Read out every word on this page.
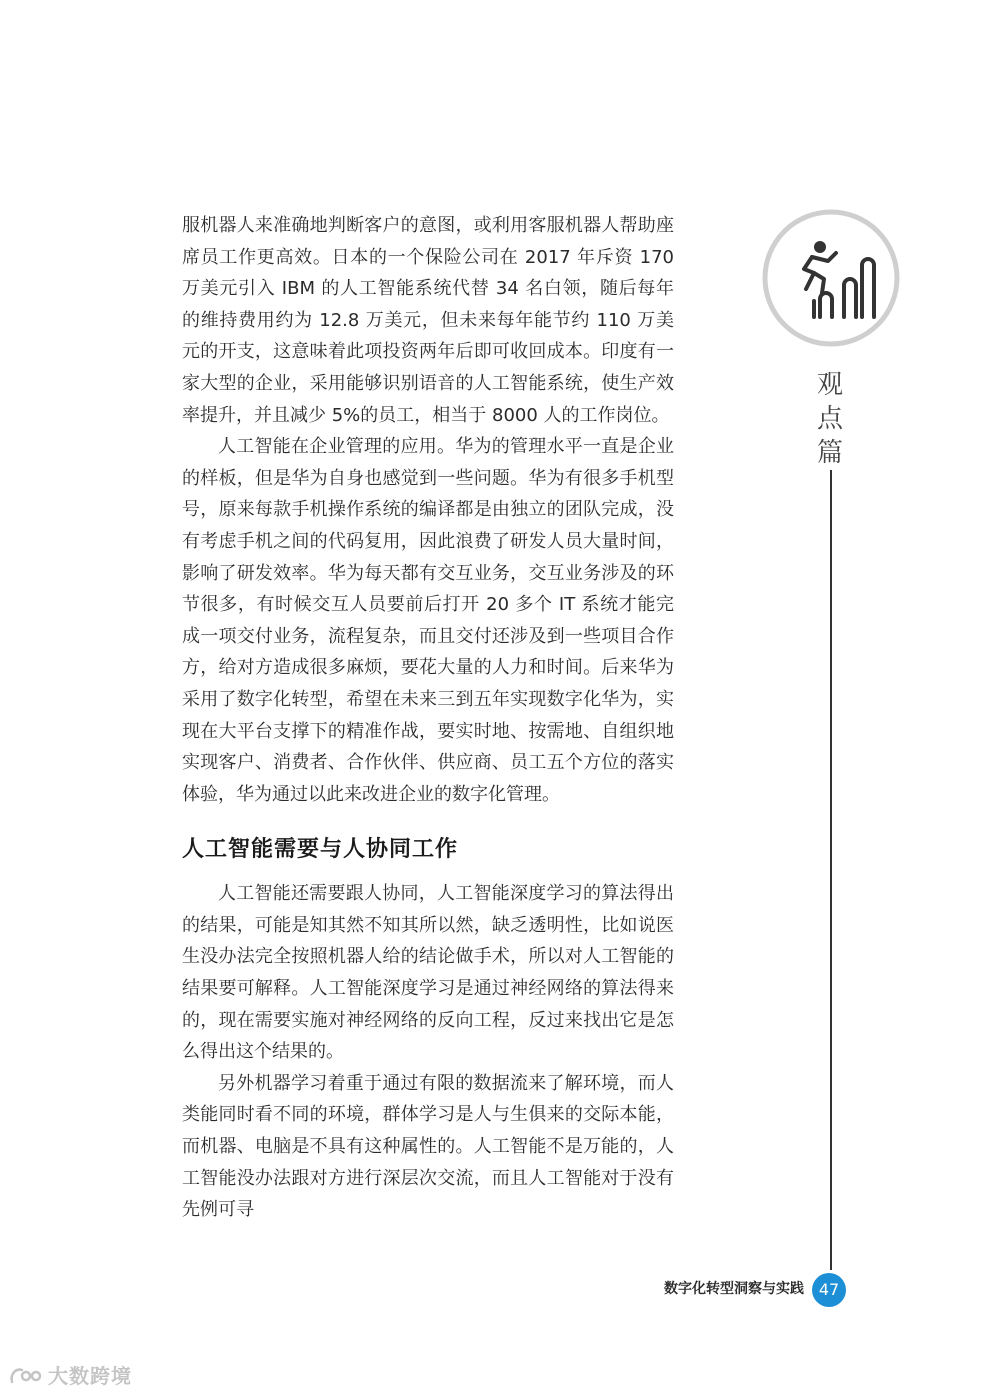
服机器人来准确地判断客户的意图，或利用客服机器人帮助座席员工作更高效。日本的一个保险公司在 2017 年斥资 170 万美元引入 IBM 的人工智能系统代替 34 名白领，随后每年的维持费用约为 12.8 万美元，但未来每年能节约 110 万美元的开支，这意味着此项投资两年后即可收回成本。印度有一家大型的企业，采用能够识别语音的人工智能系统，使生产效率提升，并且减少 5%的员工，相当于 8000 人的工作岗位。

人工智能在企业管理的应用。华为的管理水平一直是企业的样板，但是华为自身也感觉到一些问题。华为有很多手机型号，原来每款手机操作系统的编译都是由独立的团队完成，没有考虑手机之间的代码复用，因此浪费了研发人员大量时间，影响了研发效率。华为每天都有交互业务，交互业务涉及的环节很多，有时候交互人员要前后打开 20 多个 IT 系统才能完成一项交付业务，流程复杂，而且交付还涉及到一些项目合作方，给对方造成很多麻烦，要花大量的人力和时间。后来华为采用了数字化转型，希望在未来三到五年实现数字化华为，实现在大平台支撑下的精准作战，要实时地、按需地、自组织地实现客户、消费者、合作伙伴、供应商、员工五个方位的落实体验，华为通过以此来改进企业的数字化管理。

人工智能需要与人协同工作

人工智能还需要跟人协同，人工智能深度学习的算法得出的结果，可能是知其然不知其所以然，缺乏透明性，比如说医生没办法完全按照机器人给的结论做手术，所以对人工智能的结果要可解释。人工智能深度学习是通过神经网络的算法得来的，现在需要实施对神经网络的反向工程，反过来找出它是怎么得出这个结果的。

另外机器学习着重于通过有限的数据流来了解环境，而人类能同时看不同的环境，群体学习是人与生俱来的交际本能，而机器、电脑是不具有这种属性的。人工智能不是万能的，人工智能没办法跟对方进行深层次交流，而且人工智能对于没有先例可寻

观
点
篇
数字化转型洞察与实践 47
大数跨境
